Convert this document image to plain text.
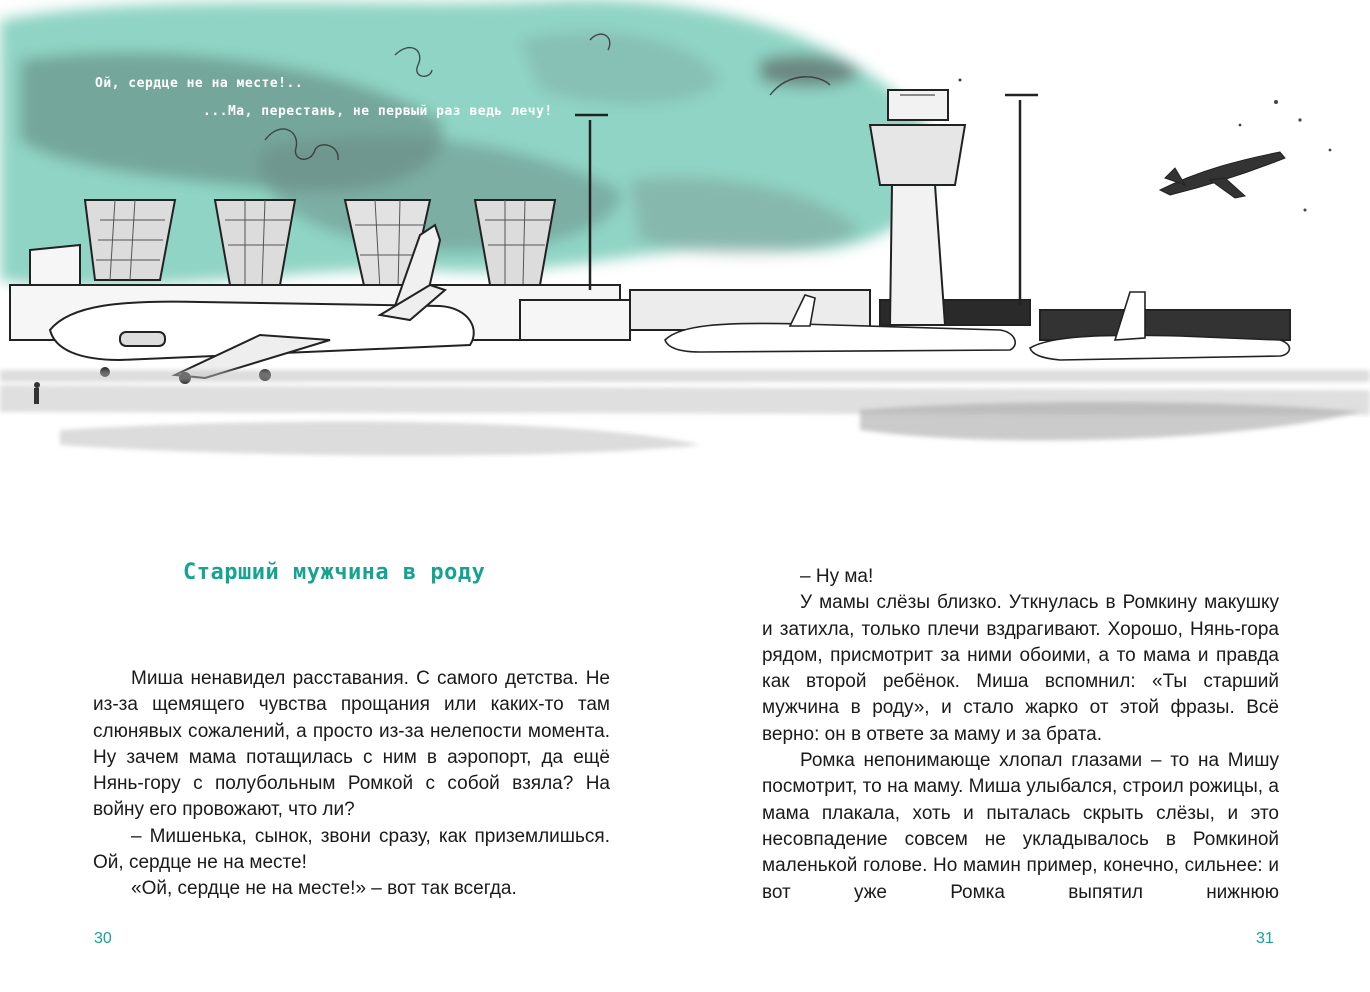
Ой, сердце не на месте!..
...Ма, перестань, не первый раз ведь лечу!
Старший мужчина в роду

Миша ненавидел расставания. С самого детства. Не из-за щемящего чувства прощания или каких-то там слюнявых сожалений, а просто из-за нелепости момента. Ну зачем мама потащилась с ним в аэропорт, да ещё Нянь-гору с полубольным Ромкой с собой взяла? На войну его провожают, что ли?

– Мишенька, сынок, звони сразу, как приземлишься. Ой, сердце не на месте!

«Ой, сердце не на месте!» – вот так всегда.

– Ну ма!

У мамы слёзы близко. Уткнулась в Ромкину макушку и затихла, только плечи вздрагивают. Хорошо, Нянь-гора рядом, присмотрит за ними обоими, а то мама и правда как второй ребёнок. Миша вспомнил: «Ты старший мужчина в роду», и стало жарко от этой фразы. Всё верно: он в ответе за маму и за брата.

Ромка непонимающе хлопал глазами – то на Мишу посмотрит, то на маму. Миша улыбался, строил рожицы, а мама плакала, хоть и пыталась скрыть слёзы, и это несовпадение совсем не укладывалось в Ромкиной маленькой голове. Но мамин пример, конечно, сильнее: и вот уже Ромка выпятил нижнюю

30	31
